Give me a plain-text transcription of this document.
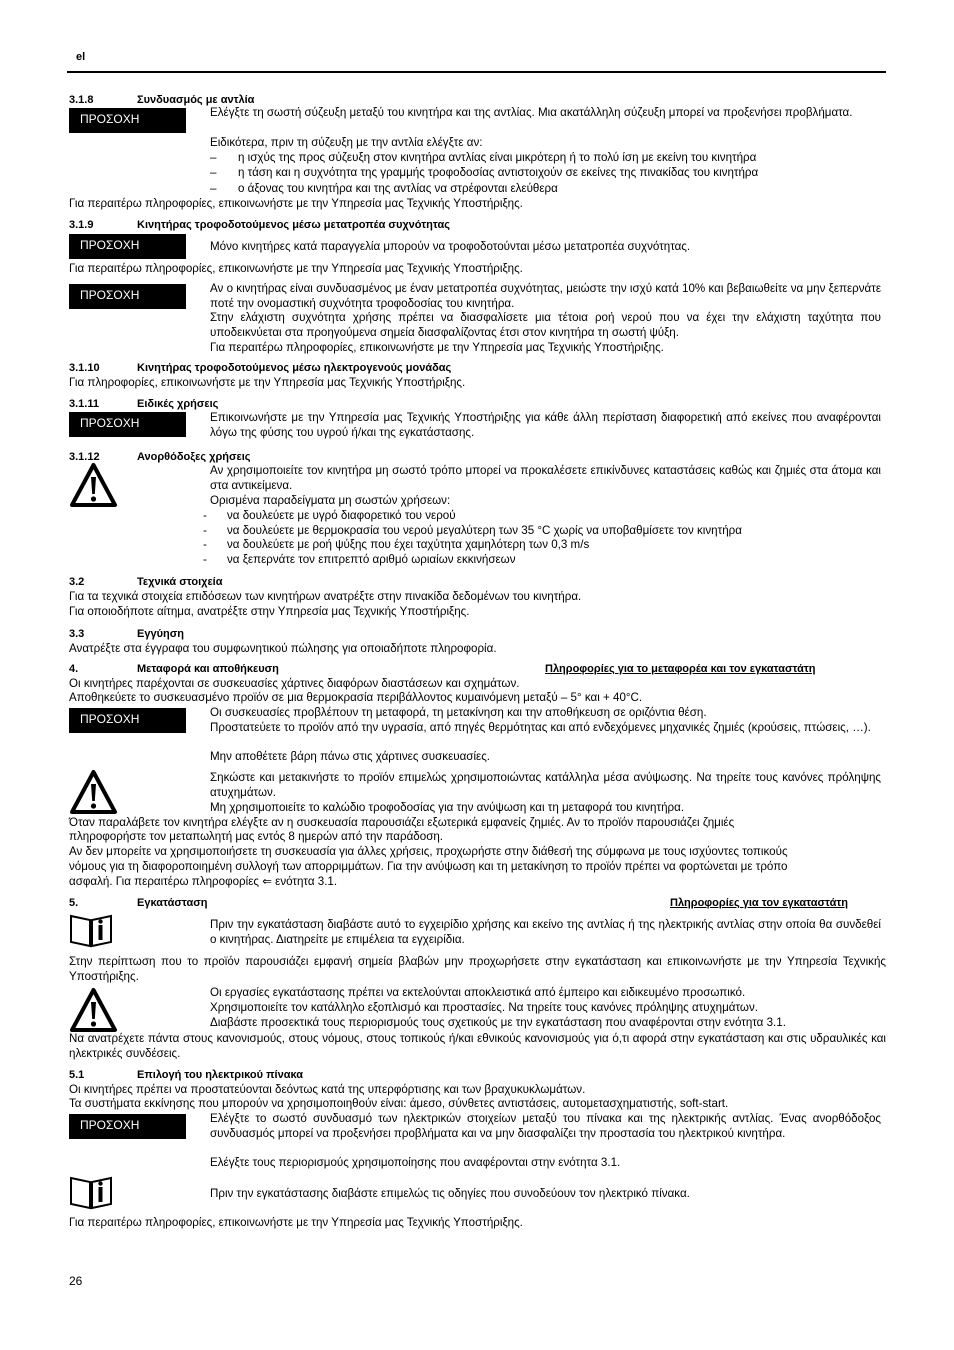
el
3.1.8	Συνδυασμός με αντλία
ΠΡΟΣΟΧΗ	Ελέγξτε τη σωστή σύζευξη μεταξύ του κινητήρα και της αντλίας. Μια ακατάλληλη σύζευξη μπορεί να προξενήσει προβλήματα.
Ειδικότερα, πριν τη σύζευξη με την αντλία ελέγξτε αν:
– η ισχύς της προς σύζευξη στον κινητήρα αντλίας είναι μικρότερη ή το πολύ ίση με εκείνη του κινητήρα
– η τάση και η συχνότητα της γραμμής τροφοδοσίας αντιστοιχούν σε εκείνες της πινακίδας του κινητήρα
– ο άξονας του κινητήρα και της αντλίας να στρέφονται ελεύθερα
Για περαιτέρω πληροφορίες, επικοινωνήστε με την Υπηρεσία μας Τεχνικής Υποστήριξης.
3.1.9	Κινητήρας τροφοδοτούμενος μέσω μετατροπέα συχνότητας
ΠΡΟΣΟΧΗ	Μόνο κινητήρες κατά παραγγελία μπορούν να τροφοδοτούνται μέσω μετατροπέα συχνότητας.
Για περαιτέρω πληροφορίες, επικοινωνήστε με την Υπηρεσία μας Τεχνικής Υποστήριξης.
ΠΡΟΣΟΧΗ	Αν ο κινητήρας είναι συνδυασμένος με έναν μετατροπέα συχνότητας, μειώστε την ισχύ κατά 10% και βεβαιωθείτε να μην ξεπερνάτε ποτέ την ονομαστική συχνότητα τροφοδοσίας του κινητήρα.
Στην ελάχιστη συχνότητα χρήσης πρέπει να διασφαλίσετε μια τέτοια ροή νερού που να έχει την ελάχιστη ταχύτητα που υποδεικνύεται στα προηγούμενα σημεία διασφαλίζοντας έτσι στον κινητήρα τη σωστή ψύξη.
Για περαιτέρω πληροφορίες, επικοινωνήστε με την Υπηρεσία μας Τεχνικής Υποστήριξης.
3.1.10	Κινητήρας τροφοδοτούμενος μέσω ηλεκτρογενούς μονάδας
Για πληροφορίες, επικοινωνήστε με την Υπηρεσία μας Τεχνικής Υποστήριξης.
3.1.11	Ειδικές χρήσεις
ΠΡΟΣΟΧΗ	Επικοινωνήστε με την Υπηρεσία μας Τεχνικής Υποστήριξης για κάθε άλλη περίσταση διαφορετική από εκείνες που αναφέρονται λόγω της φύσης του υγρού ή/και της εγκατάστασης.
3.1.12	Ανορθόδοξες χρήσεις
Αν χρησιμοποιείτε τον κινητήρα μη σωστό τρόπο μπορεί να προκαλέσετε επικίνδυνες καταστάσεις καθώς και ζημιές στα άτομα και στα αντικείμενα.
Ορισμένα παραδείγματα μη σωστών χρήσεων:
- να δουλεύετε με υγρό διαφορετικό του νερού
- να δουλεύετε με θερμοκρασία του νερού μεγαλύτερη των 35 °C χωρίς να υποβαθμίσετε τον κινητήρα
- να δουλεύετε με ροή ψύξης που έχει ταχύτητα χαμηλότερη των 0,3 m/s
- να ξεπερνάτε τον επιτρεπτό αριθμό ωριαίων εκκινήσεων
3.2	Τεχνικά στοιχεία
Για τα τεχνικά στοιχεία επιδόσεων των κινητήρων ανατρέξτε στην πινακίδα δεδομένων του κινητήρα.
Για οποιοδήποτε αίτημα, ανατρέξτε στην Υπηρεσία μας Τεχνικής Υποστήριξης.
3.3	Εγγύηση
Ανατρέξτε στα έγγραφα του συμφωνητικού πώλησης για οποιαδήποτε πληροφορία.
4.	Μεταφορά και αποθήκευση	Πληροφορίες για το μεταφορέα και τον εγκαταστάτη
Οι κινητήρες παρέχονται σε συσκευασίες χάρτινες διαφόρων διαστάσεων και σχημάτων.
Αποθηκεύετε το συσκευασμένο προϊόν σε μια θερμοκρασία περιβάλλοντος κυμαινόμενη μεταξύ – 5° και + 40°C.
ΠΡΟΣΟΧΗ	Οι συσκευασίες προβλέπουν τη μεταφορά, τη μετακίνηση και την αποθήκευση σε οριζόντια θέση.
Προστατεύετε το προϊόν από την υγρασία, από πηγές θερμότητας και από ενδεχόμενες μηχανικές ζημιές (κρούσεις, πτώσεις, …).
Μην αποθέτετε βάρη πάνω στις χάρτινες συσκευασίες.
Σηκώστε και μετακινήστε το προϊόν επιμελώς χρησιμοποιώντας κατάλληλα μέσα ανύψωσης. Να τηρείτε τους κανόνες πρόληψης ατυχημάτων.
Μη χρησιμοποιείτε το καλώδιο τροφοδοσίας για την ανύψωση και τη μεταφορά του κινητήρα.
Όταν παραλάβετε τον κινητήρα ελέγξτε αν η συσκευασία παρουσιάζει εξωτερικά εμφανείς ζημιές. Αν το προϊόν παρουσιάζει ζημιές
πληροφορήστε τον μεταπωλητή μας εντός 8 ημερών από την παράδοση.
Αν δεν μπορείτε να χρησιμοποιήσετε τη συσκευασία για άλλες χρήσεις, προχωρήστε στην διάθεσή της σύμφωνα με τους ισχύοντες τοπικούς
νόμους για τη διαφοροποιημένη συλλογή των απορριμμάτων. Για την ανύψωση και τη μετακίνηση το προϊόν πρέπει να φορτώνεται με τρόπο
ασφαλή. Για περαιτέρω πληροφορίες ⇐ ενότητα 3.1.
5.	Εγκατάσταση	Πληροφορίες για τον εγκαταστάτη
Πριν την εγκατάσταση διαβάστε αυτό το εγχειρίδιο χρήσης και εκείνο της αντλίας ή της ηλεκτρικής αντλίας στην οποία θα συνδεθεί ο κινητήρας. Διατηρείτε με επιμέλεια τα εγχειρίδια.
Στην περίπτωση που το προϊόν παρουσιάζει εμφανή σημεία βλαβών μην προχωρήσετε στην εγκατάσταση και επικοινωνήστε με την Υπηρεσία Τεχνικής Υποστήριξης.
Οι εργασίες εγκατάστασης πρέπει να εκτελούνται αποκλειστικά από έμπειρο και ειδικευμένο προσωπικό.
Χρησιμοποιείτε τον κατάλληλο εξοπλισμό και προστασίες. Να τηρείτε τους κανόνες πρόληψης ατυχημάτων.
Διαβάστε προσεκτικά τους περιορισμούς τους σχετικούς με την εγκατάσταση που αναφέρονται στην ενότητα 3.1.
Να ανατρέχετε πάντα στους κανονισμούς, στους νόμους, στους τοπικούς ή/και εθνικούς κανονισμούς για ό,τι αφορά στην εγκατάσταση και στις υδραυλικές και ηλεκτρικές συνδέσεις.
5.1	Επιλογή του ηλεκτρικού πίνακα
Οι κινητήρες πρέπει να προστατεύονται δεόντως κατά της υπερφόρτισης και των βραχυκυκλωμάτων.
Τα συστήματα εκκίνησης που μπορούν να χρησιμοποιηθούν είναι: άμεσο, σύνθετες αντιστάσεις, αυτομετασχηματιστής, soft-start.
ΠΡΟΣΟΧΗ	Ελέγξτε το σωστό συνδυασμό των ηλεκτρικών στοιχείων μεταξύ του πίνακα και της ηλεκτρικής αντλίας. Ένας ανορθόδοξος συνδυασμός μπορεί να προξενήσει προβλήματα και να μην διασφαλίζει την προστασία του ηλεκτρικού κινητήρα.
Ελέγξτε τους περιορισμούς χρησιμοποίησης που αναφέρονται στην ενότητα 3.1.
Πριν την εγκατάστασης διαβάστε επιμελώς τις οδηγίες που συνοδεύουν τον ηλεκτρικό πίνακα.
Για περαιτέρω πληροφορίες, επικοινωνήστε με την Υπηρεσία μας Τεχνικής Υποστήριξης.
26
